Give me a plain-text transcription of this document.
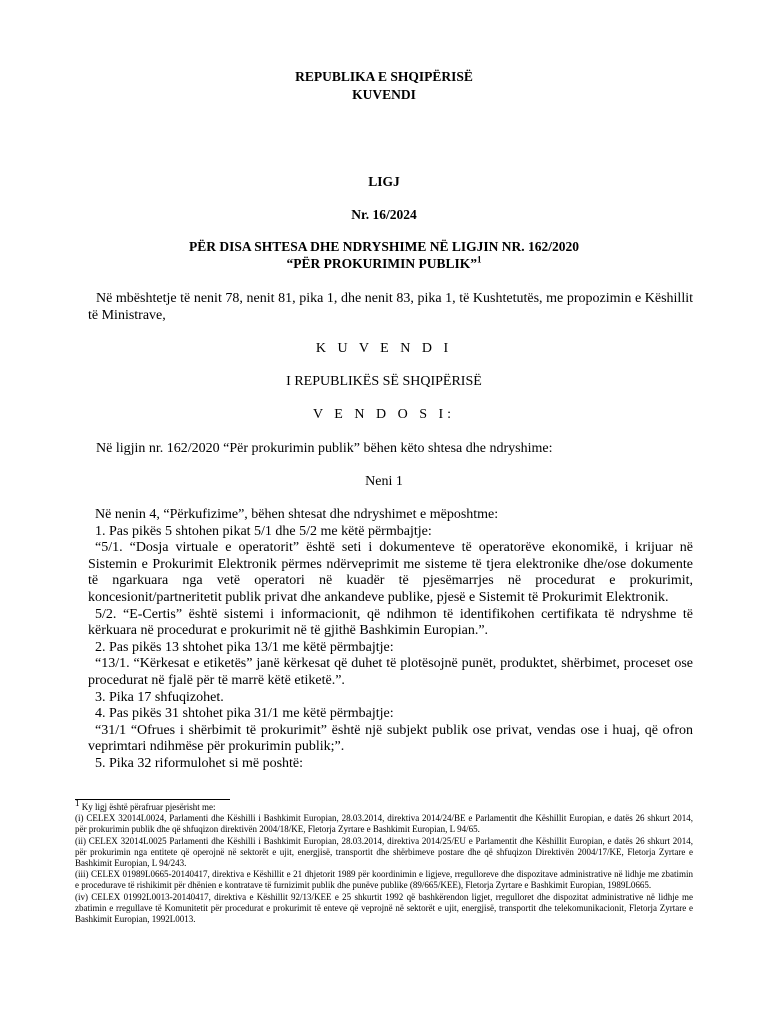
REPUBLIKA E SHQIPËRISË
KUVENDI
LIGJ
Nr. 16/2024
PËR DISA SHTESA DHE NDRYSHIME NË LIGJIN NR. 162/2020
“PËR PROKURIMIN PUBLIK”$^1$
Në mbështetje të nenit 78, nenit 81, pika 1, dhe nenit 83, pika 1, të Kushtetutës, me propozimin e Këshillit të Ministrave,
K U V E N D I
I REPUBLIKËS SË SHQIPËRISË
V E N D O S I:
Në ligjin nr. 162/2020 “Për prokurimin publik” bëhen këto shtesa dhe ndryshime:
Neni 1

Në nenin 4, “Përkufizime”, bëhen shtesat dhe ndryshimet e mëposhtme:

1. Pas pikës 5 shtohen pikat 5/1 dhe 5/2 me këtë përmbajtje:

“5/1. “Dosja virtuale e operatorit” është seti i dokumenteve të operatorëve ekonomikë, i krijuar në Sistemin e Prokurimit Elektronik përmes ndërveprimit me sisteme të tjera elektronike dhe/ose dokumente të ngarkuara nga vetë operatori në kuadër të pjesëmarrjes në procedurat e prokurimit, koncesionit/partneritetit publik privat dhe ankandeve publike, pjesë e Sistemit të Prokurimit Elektronik.

5/2. “E-Certis” është sistemi i informacionit, që ndihmon të identifikohen certifikata të ndryshme të kërkuara në procedurat e prokurimit në të gjithë Bashkimin Europian.”.

2. Pas pikës 13 shtohet pika 13/1 me këtë përmbajtje:

“13/1. “Kërkesat e etiketës” janë kërkesat që duhet të plotësojnë punët, produktet, shërbimet, proceset ose procedurat në fjalë për të marrë këtë etiketë.”.

3. Pika 17 shfuqizohet.

4. Pas pikës 31 shtohet pika 31/1 me këtë përmbajtje:

“31/1 “Ofrues i shërbimit të prokurimit” është një subjekt publik ose privat, vendas ose i huaj, që ofron veprimtari ndihmëse për prokurimin publik;”.

5. Pika 32 riformulohet si më poshtë:

1 Ky ligj është përafruar pjesërisht me:

(i) CELEX 32014L0024, Parlamenti dhe Këshilli i Bashkimit Europian, 28.03.2014, direktiva 2014/24/BE e Parlamentit dhe Këshillit Europian, e datës 26 shkurt 2014, për prokurimin publik dhe që shfuqizon direktivën 2004/18/KE, Fletorja Zyrtare e Bashkimit Europian, L 94/65.

(ii) CELEX 32014L0025 Parlamenti dhe Këshilli i Bashkimit Europian, 28.03.2014, direktiva 2014/25/EU e Parlamentit dhe Këshillit Europian, e datës 26 shkurt 2014, për prokurimin nga entitete që operojnë në sektorët e ujit, energjisë, transportit dhe shërbimeve postare dhe që shfuqizon Direktivën 2004/17/KE, Fletorja Zyrtare e Bashkimit Europian, L 94/243.

(iii) CELEX 01989L0665-20140417, direktiva e Këshillit e 21 dhjetorit 1989 për koordinimin e ligjeve, rregulloreve dhe dispozitave administrative në lidhje me zbatimin e procedurave të rishikimit për dhënien e kontratave të furnizimit publik dhe punëve publike (89/665/KEE), Fletorja Zyrtare e Bashkimit Europian, 1989L0665.

(iv) CELEX 01992L0013-20140417, direktiva e Këshillit 92/13/KEE e 25 shkurtit 1992 që bashkërendon ligjet, rregulloret dhe dispozitat administrative në lidhje me zbatimin e rregullave të Komunitetit për procedurat e prokurimit të enteve që veprojnë në sektorët e ujit, energjisë, transportit dhe telekomunikacionit, Fletorja Zyrtare e Bashkimit Europian, 1992L0013.
